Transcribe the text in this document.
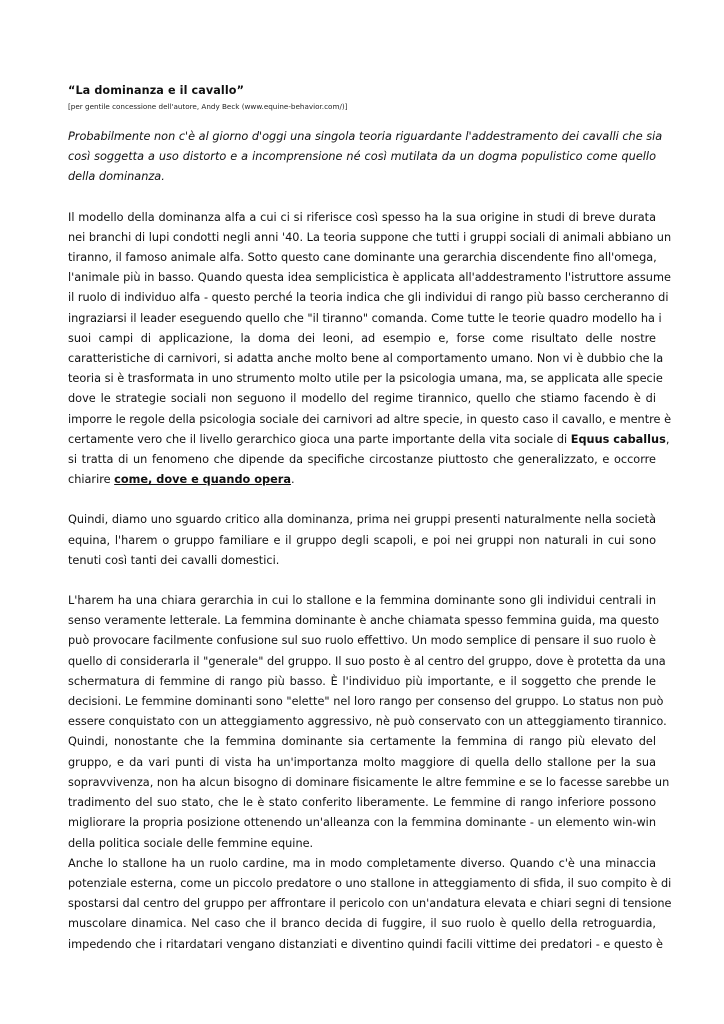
“La dominanza e il cavallo”

[per gentile concessione dell'autore, Andy Beck (www.equine-behavior.com/)]

Probabilmente non c'è al giorno d'oggi una singola teoria riguardante l'addestramento dei cavalli che sia
così soggetta a uso distorto e a incomprensione né così mutilata da un dogma populistico come quello
della dominanza.
Il modello della dominanza alfa a cui ci si riferisce così spesso ha la sua origine in studi di breve durata
nei branchi di lupi condotti negli anni '40. La teoria suppone che tutti i gruppi sociali di animali abbiano un
tiranno, il famoso animale alfa. Sotto questo cane dominante una gerarchia discendente fino all'omega,
l'animale più in basso. Quando questa idea semplicistica è applicata all'addestramento l'istruttore assume
il ruolo di individuo alfa - questo perché la teoria indica che gli individui di rango più basso cercheranno di
ingraziarsi il leader eseguendo quello che "il tiranno" comanda. Come tutte le teorie quadro modello ha i
suoi campi di applicazione, la doma dei leoni, ad esempio e, forse come risultato delle nostre
caratteristiche di carnivori, si adatta anche molto bene al comportamento umano. Non vi è dubbio che la
teoria si è trasformata in uno strumento molto utile per la psicologia umana, ma, se applicata alle specie
dove le strategie sociali non seguono il modello del regime tirannico, quello che stiamo facendo è di
imporre le regole della psicologia sociale dei carnivori ad altre specie, in questo caso il cavallo, e mentre è
certamente vero che il livello gerarchico gioca una parte importante della vita sociale di Equus caballus,
si tratta di un fenomeno che dipende da specifiche circostanze piuttosto che generalizzato, e occorre
chiarire come, dove e quando opera.
Quindi, diamo uno sguardo critico alla dominanza, prima nei gruppi presenti naturalmente nella società
equina, l'harem o gruppo familiare e il gruppo degli scapoli, e poi nei gruppi non naturali in cui sono
tenuti così tanti dei cavalli domestici.
L'harem ha una chiara gerarchia in cui lo stallone e la femmina dominante sono gli individui centrali in
senso veramente letterale. La femmina dominante è anche chiamata spesso femmina guida, ma questo
può provocare facilmente confusione sul suo ruolo effettivo. Un modo semplice di pensare il suo ruolo è
quello di considerarla il "generale" del gruppo. Il suo posto è al centro del gruppo, dove è protetta da una
schermatura di femmine di rango più basso. È l'individuo più importante, e il soggetto che prende le
decisioni. Le femmine dominanti sono "elette" nel loro rango per consenso del gruppo. Lo status non può
essere conquistato con un atteggiamento aggressivo, nè può conservato con un atteggiamento tirannico.
Quindi, nonostante che la femmina dominante sia certamente la femmina di rango più elevato del
gruppo, e da vari punti di vista ha un'importanza molto maggiore di quella dello stallone per la sua
sopravvivenza, non ha alcun bisogno di dominare fisicamente le altre femmine e se lo facesse sarebbe un
tradimento del suo stato, che le è stato conferito liberamente. Le femmine di rango inferiore possono
migliorare la propria posizione ottenendo un'alleanza con la femmina dominante - un elemento win-win
della politica sociale delle femmine equine.
Anche lo stallone ha un ruolo cardine, ma in modo completamente diverso. Quando c'è una minaccia
potenziale esterna, come un piccolo predatore o uno stallone in atteggiamento di sfida, il suo compito è di
spostarsi dal centro del gruppo per affrontare il pericolo con un'andatura elevata e chiari segni di tensione
muscolare dinamica. Nel caso che il branco decida di fuggire, il suo ruolo è quello della retroguardia,
impedendo che i ritardatari vengano distanziati e diventino quindi facili vittime dei predatori - e questo è
